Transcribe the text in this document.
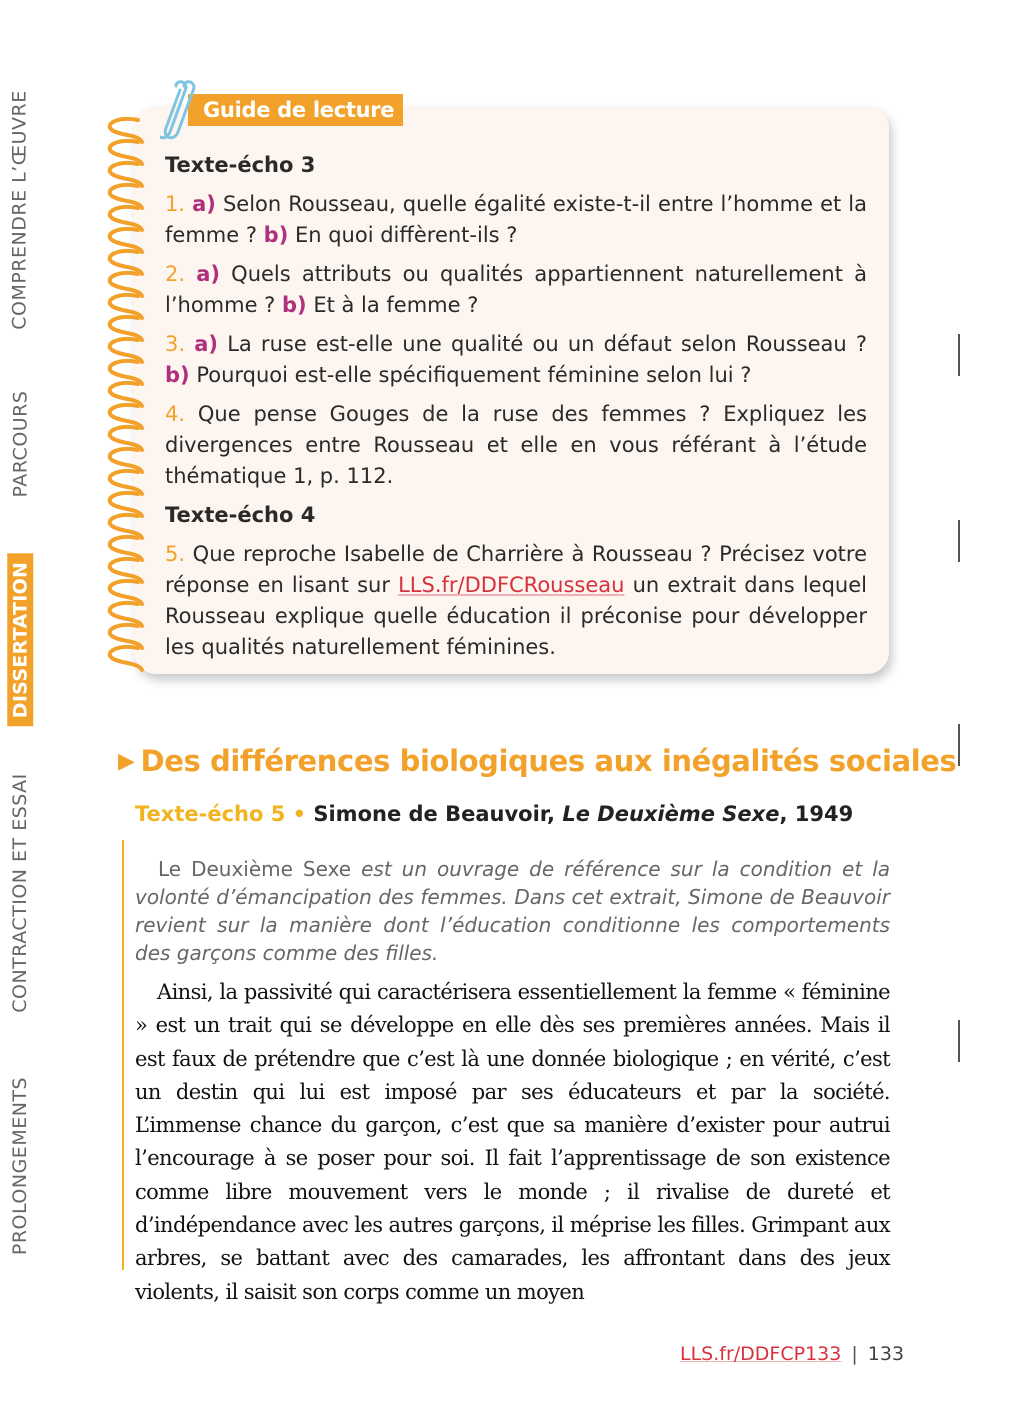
Guide de lecture
Texte-écho 3

1. a) Selon Rousseau, quelle égalité existe-t-il entre l’homme et la femme ? b) En quoi diffèrent-ils ?

2. a) Quels attributs ou qualités appartiennent naturellement à l’homme ? b) Et à la femme ?

3. a) La ruse est-elle une qualité ou un défaut selon Rousseau ? b) Pourquoi est-elle spécifiquement féminine selon lui ?

4. Que pense Gouges de la ruse des femmes ? Expliquez les divergences entre Rousseau et elle en vous référant à l’étude thématique 1, p. 112.

Texte-écho 4

5. Que reproche Isabelle de Charrière à Rousseau ? Précisez votre réponse en lisant sur LLS.fr/DDFCRousseau un extrait dans lequel Rousseau explique quelle éducation il préconise pour développer les qualités naturellement féminines.

▶ Des différences biologiques aux inégalités sociales
Texte-écho 5 • Simone de Beauvoir, Le Deuxième Sexe, 1949

Le Deuxième Sexe est un ouvrage de référence sur la condition et la volonté d’émancipation des femmes. Dans cet extrait, Simone de Beauvoir revient sur la manière dont l’éducation conditionne les comportements des garçons comme des filles.

Ainsi, la passivité qui caractérisera essentiellement la femme « féminine » est un trait qui se développe en elle dès ses premières années. Mais il est faux de prétendre que c’est là une donnée biologique ; en vérité, c’est un destin qui lui est imposé par ses éducateurs et par la société. L’immense chance du garçon, c’est que sa manière d’exister pour autrui l’encourage à se poser pour soi. Il fait l’apprentissage de son existence comme libre mouvement vers le monde ; il rivalise de dureté et d’indépendance avec les autres garçons, il méprise les filles. Grimpant aux arbres, se battant avec des camarades, les affrontant dans des jeux violents, il saisit son corps comme un moyen

COMPRENDRE L’ŒUVRE
PARCOURS
DISSERTATION
CONTRACTION ET ESSAI
PROLONGEMENTS
LLS.fr/DDFCP133 | 133
